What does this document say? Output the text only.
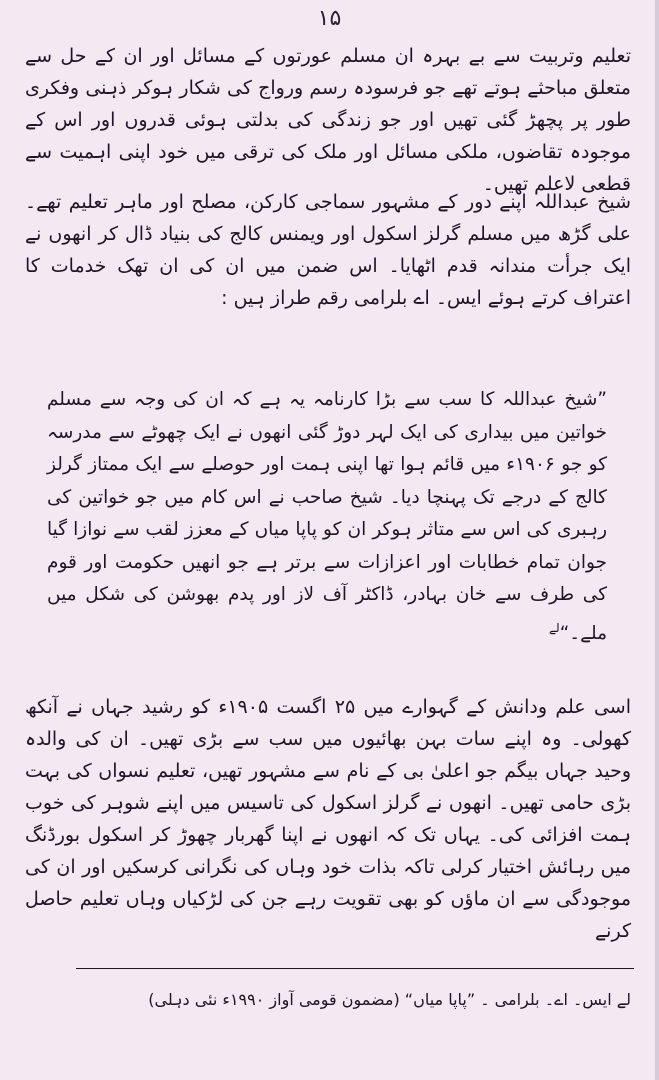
۱۵

تعلیم وتربیت سے بے بہرہ ان مسلم عورتوں کے مسائل اور ان کے حل سے متعلق مباحثے ہوتے تھے جو فرسودہ رسم ورواج کی شکار ہوکر ذہنی وفکری طور پر پچھڑ گئی تھیں اور جو زندگی کی بدلتی ہوئی قدروں اور اس کے موجودہ تقاضوں، ملکی مسائل اور ملک کی ترقی میں خود اپنی اہمیت سے قطعی لاعلم تھیں۔

شیخ عبداللہ اپنے دور کے مشہور سماجی کارکن، مصلح اور ماہر تعلیم تھے۔ علی گڑھ میں مسلم گرلز اسکول اور ویمنس کالج کی بنیاد ڈال کر انھوں نے ایک جرأت مندانہ قدم اٹھایا۔ اس ضمن میں ان کی ان تھک خدمات کا اعتراف کرتے ہوئے ایس۔ اے بلرامی رقم طراز ہیں :

”شیخ عبداللہ کا سب سے بڑا کارنامہ یہ ہے کہ ان کی وجہ سے مسلم خواتین میں بیداری کی ایک لہر دوڑ گئی انھوں نے ایک چھوٹے سے مدرسہ کو جو ۱۹۰۶ء میں قائم ہوا تھا اپنی ہمت اور حوصلے سے ایک ممتاز گرلز کالج کے درجے تک پہنچا دیا۔ شیخ صاحب نے اس کام میں جو خواتین کی رہبری کی اس سے متاثر ہوکر ان کو پاپا میاں کے معزز لقب سے نوازا گیا جوان تمام خطابات اور اعزازات سے برتر ہے جو انھیں حکومت اور قوم کی طرف سے خان بہادر، ڈاکٹر آف لاز اور پدم بھوشن کی شکل میں ملے۔“$^{لے}$

اسی علم ودانش کے گہوارے میں ۲۵ اگست ۱۹۰۵ء کو رشید جہاں نے آنکھ کھولی۔ وہ اپنے سات بہن بھائیوں میں سب سے بڑی تھیں۔ ان کی والدہ وحید جہاں بیگم جو اعلیٰ بی کے نام سے مشہور تھیں، تعلیم نسواں کی بہت بڑی حامی تھیں۔ انھوں نے گرلز اسکول کی تاسیس میں اپنے شوہر کی خوب ہمت افزائی کی۔ یہاں تک کہ انھوں نے اپنا گھربار چھوڑ کر اسکول بورڈنگ میں رہائش اختیار کرلی تاکہ بذات خود وہاں کی نگرانی کرسکیں اور ان کی موجودگی سے ان ماؤں کو بھی تقویت رہے جن کی لڑکیاں وہاں تعلیم حاصل کرنے

لے ایس۔ اے۔ بلرامی ۔ ”پاپا میاں“ (مضمون قومی آواز ۱۹۹۰ء نئی دہلی)
